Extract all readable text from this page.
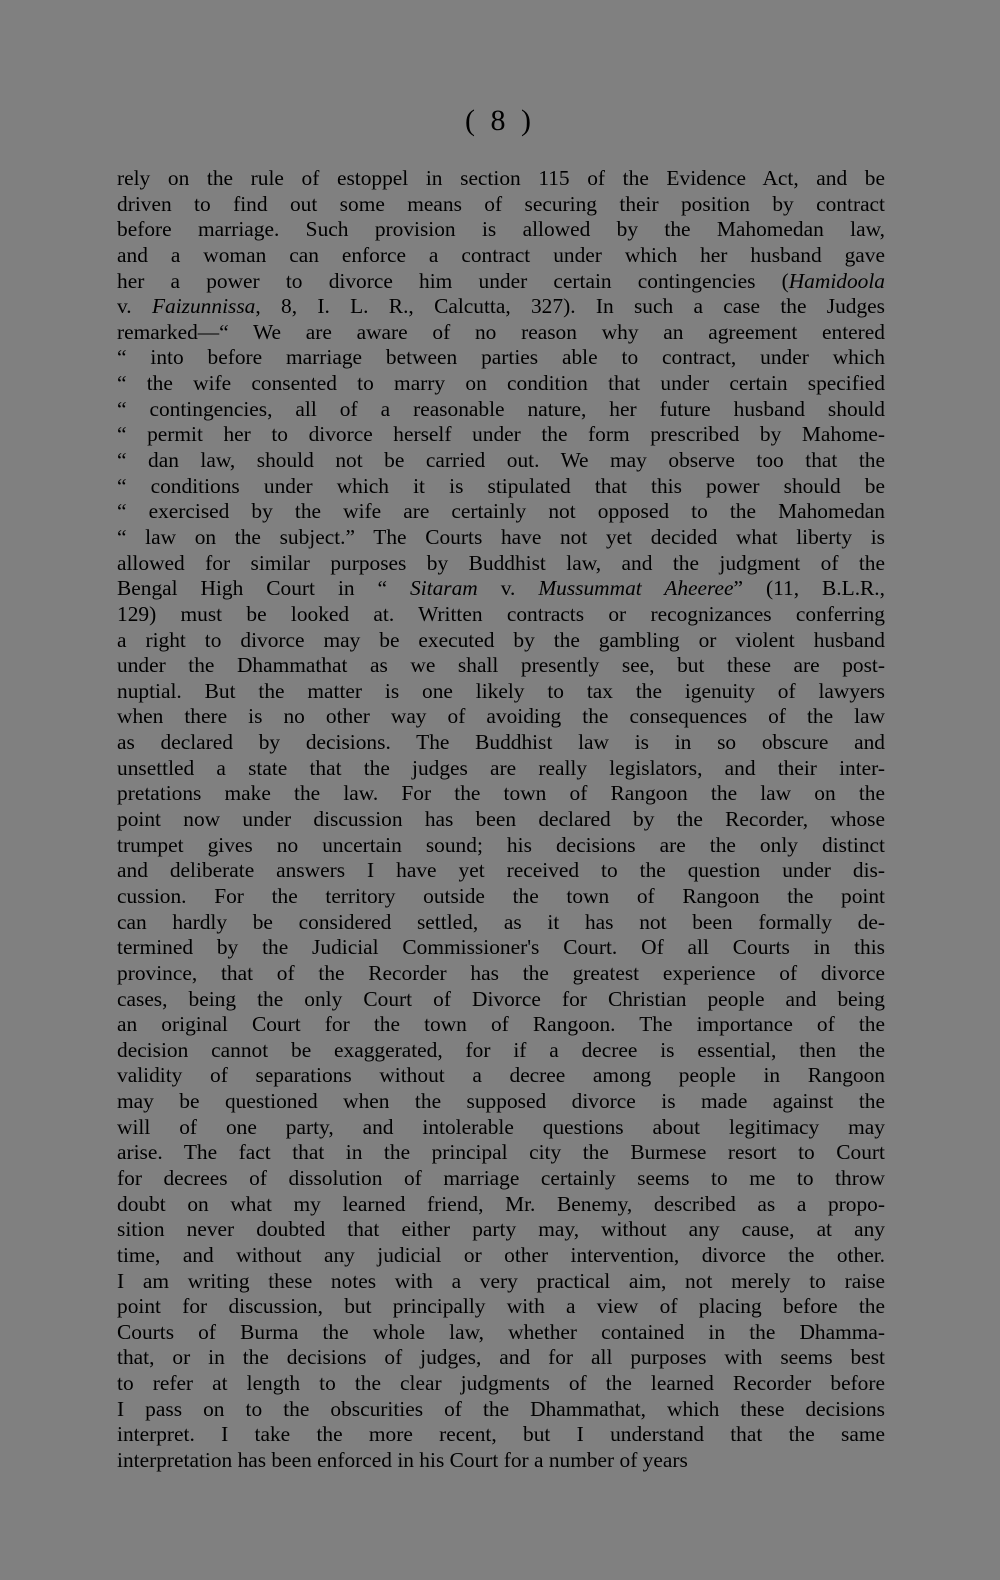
( 8 )
rely on the rule of estoppel in section 115 of the Evidence Act, and be
driven to find out some means of securing their position by contract
before marriage. Such provision is allowed by the Mahomedan law,
and a woman can enforce a contract under which her husband gave
her a power to divorce him under certain contingencies (Hamidoola
v. Faizunnissa, 8, I. L. R., Calcutta, 327). In such a case the Judges
remarked—“ We are aware of no reason why an agreement entered
“ into before marriage between parties able to contract, under which
“ the wife consented to marry on condition that under certain specified
“ contingencies, all of a reasonable nature, her future husband should
“ permit her to divorce herself under the form prescribed by Mahome-
“ dan law, should not be carried out. We may observe too that the
“ conditions under which it is stipulated that this power should be
“ exercised by the wife are certainly not opposed to the Mahomedan
“ law on the subject.” The Courts have not yet decided what liberty is
allowed for similar purposes by Buddhist law, and the judgment of the
Bengal High Court in “ Sitaram v. Mussummat Aheeree” (11, B.L.R.,
129) must be looked at. Written contracts or recognizances conferring
a right to divorce may be executed by the gambling or violent husband
under the Dhammathat as we shall presently see, but these are post-
nuptial. But the matter is one likely to tax the igenuity of lawyers
when there is no other way of avoiding the consequences of the law
as declared by decisions. The Buddhist law is in so obscure and
unsettled a state that the judges are really legislators, and their inter-
pretations make the law. For the town of Rangoon the law on the
point now under discussion has been declared by the Recorder, whose
trumpet gives no uncertain sound; his decisions are the only distinct
and deliberate answers I have yet received to the question under dis-
cussion. For the territory outside the town of Rangoon the point
can hardly be considered settled, as it has not been formally de-
termined by the Judicial Commissioner's Court. Of all Courts in this
province, that of the Recorder has the greatest experience of divorce
cases, being the only Court of Divorce for Christian people and being
an original Court for the town of Rangoon. The importance of the
decision cannot be exaggerated, for if a decree is essential, then the
validity of separations without a decree among people in Rangoon
may be questioned when the supposed divorce is made against the
will of one party, and intolerable questions about legitimacy may
arise. The fact that in the principal city the Burmese resort to Court
for decrees of dissolution of marriage certainly seems to me to throw
doubt on what my learned friend, Mr. Benemy, described as a propo-
sition never doubted that either party may, without any cause, at any
time, and without any judicial or other intervention, divorce the other.
I am writing these notes with a very practical aim, not merely to raise
point for discussion, but principally with a view of placing before the
Courts of Burma the whole law, whether contained in the Dhamma-
that, or in the decisions of judges, and for all purposes with seems best
to refer at length to the clear judgments of the learned Recorder before
I pass on to the obscurities of the Dhammathat, which these decisions
interpret. I take the more recent, but I understand that the same
interpretation has been enforced in his Court for a number of years
